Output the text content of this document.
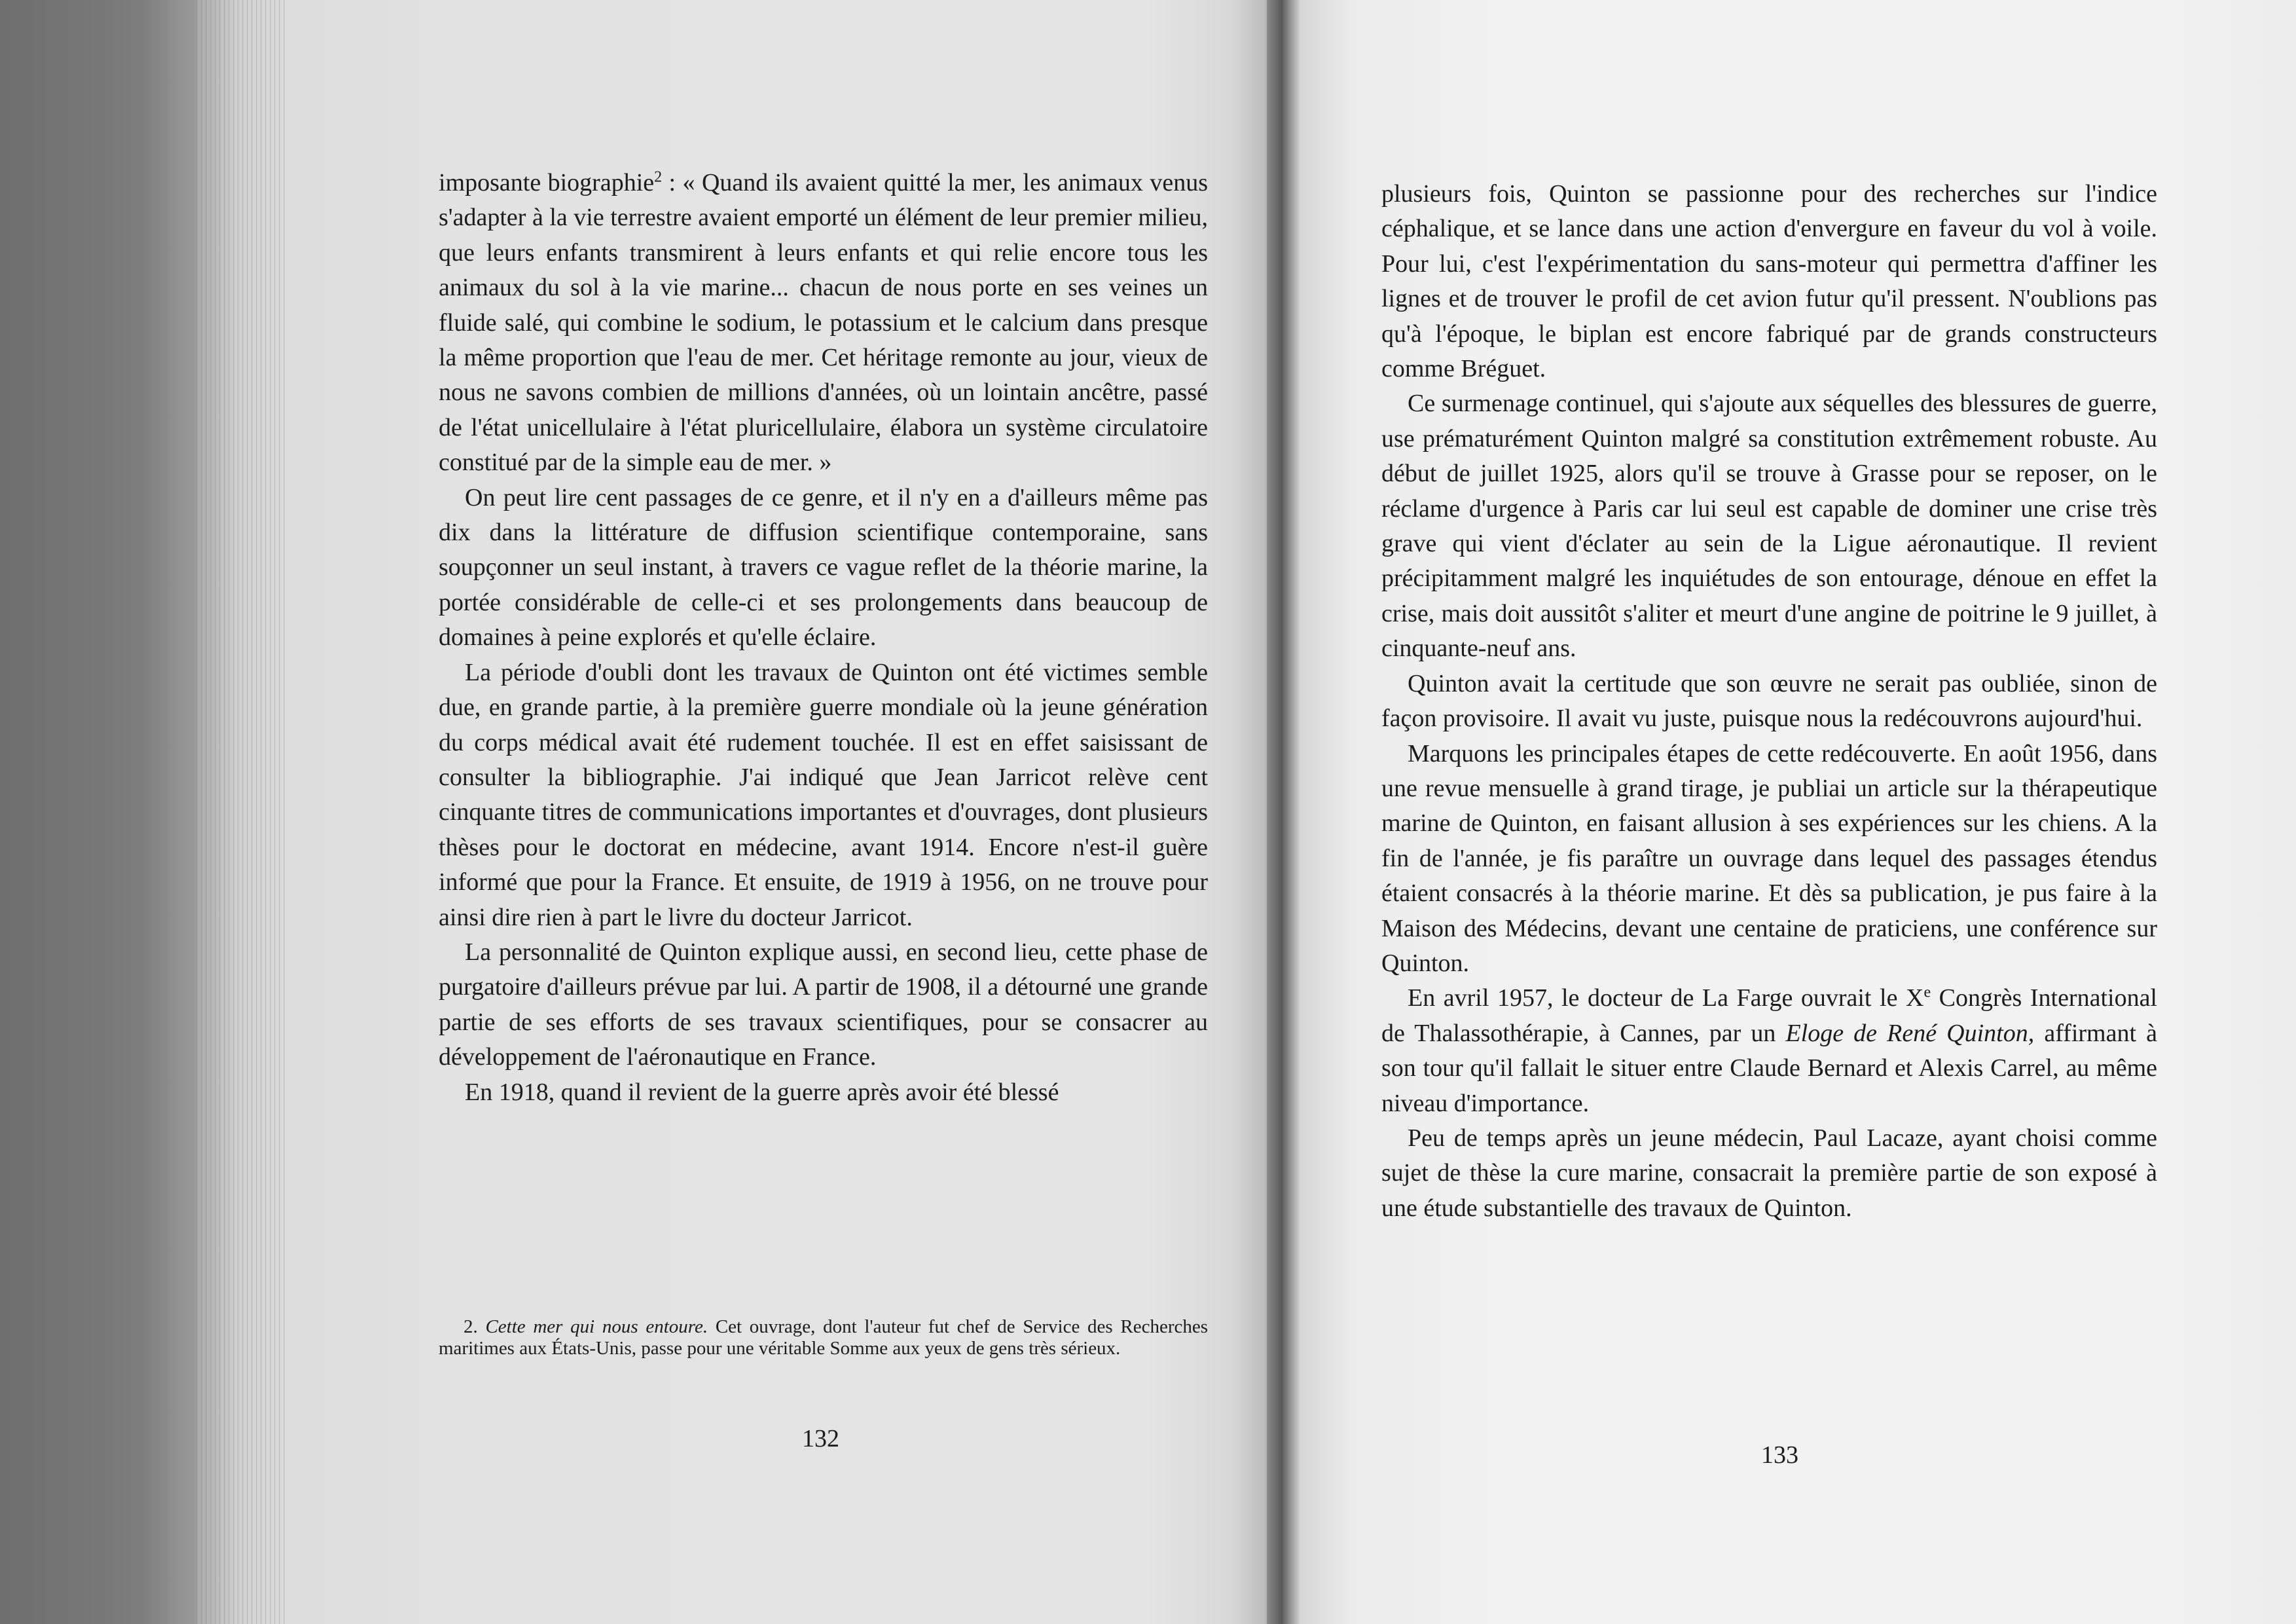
imposante biographie$^2$ : « Quand ils avaient quitté la mer, les animaux venus s'adapter à la vie terrestre avaient emporté un élément de leur premier milieu, que leurs enfants transmirent à leurs enfants et qui relie encore tous les animaux du sol à la vie marine... chacun de nous porte en ses veines un fluide salé, qui combine le sodium, le potassium et le calcium dans presque la même proportion que l'eau de mer. Cet héritage remonte au jour, vieux de nous ne savons combien de millions d'années, où un lointain ancêtre, passé de l'état unicellulaire à l'état pluricellulaire, élabora un système circulatoire constitué par de la simple eau de mer. »

On peut lire cent passages de ce genre, et il n'y en a d'ailleurs même pas dix dans la littérature de diffusion scientifique contemporaine, sans soupçonner un seul instant, à travers ce vague reflet de la théorie marine, la portée considérable de celle-ci et ses prolongements dans beaucoup de domaines à peine explorés et qu'elle éclaire.

La période d'oubli dont les travaux de Quinton ont été victimes semble due, en grande partie, à la première guerre mondiale où la jeune génération du corps médical avait été rudement touchée. Il est en effet saisissant de consulter la bibliographie. J'ai indiqué que Jean Jarricot relève cent cinquante titres de communications importantes et d'ouvrages, dont plusieurs thèses pour le doctorat en médecine, avant 1914. Encore n'est-il guère informé que pour la France. Et ensuite, de 1919 à 1956, on ne trouve pour ainsi dire rien à part le livre du docteur Jarricot.

La personnalité de Quinton explique aussi, en second lieu, cette phase de purgatoire d'ailleurs prévue par lui. A partir de 1908, il a détourné une grande partie de ses efforts de ses travaux scientifiques, pour se consacrer au développement de l'aéronautique en France.

En 1918, quand il revient de la guerre après avoir été blessé

2. Cette mer qui nous entoure. Cet ouvrage, dont l'auteur fut chef de Service des Recherches maritimes aux États-Unis, passe pour une véritable Somme aux yeux de gens très sérieux.

132

plusieurs fois, Quinton se passionne pour des recherches sur l'indice céphalique, et se lance dans une action d'envergure en faveur du vol à voile. Pour lui, c'est l'expérimentation du sans-moteur qui permettra d'affiner les lignes et de trouver le profil de cet avion futur qu'il pressent. N'oublions pas qu'à l'époque, le biplan est encore fabriqué par de grands constructeurs comme Bréguet.

Ce surmenage continuel, qui s'ajoute aux séquelles des blessures de guerre, use prématurément Quinton malgré sa constitution extrêmement robuste. Au début de juillet 1925, alors qu'il se trouve à Grasse pour se reposer, on le réclame d'urgence à Paris car lui seul est capable de dominer une crise très grave qui vient d'éclater au sein de la Ligue aéronautique. Il revient précipitamment malgré les inquiétudes de son entourage, dénoue en effet la crise, mais doit aussitôt s'aliter et meurt d'une angine de poitrine le 9 juillet, à cinquante-neuf ans.

Quinton avait la certitude que son œuvre ne serait pas oubliée, sinon de façon provisoire. Il avait vu juste, puisque nous la redécouvrons aujourd'hui.

Marquons les principales étapes de cette redécouverte. En août 1956, dans une revue mensuelle à grand tirage, je publiai un article sur la thérapeutique marine de Quinton, en faisant allusion à ses expériences sur les chiens. A la fin de l'année, je fis paraître un ouvrage dans lequel des passages étendus étaient consacrés à la théorie marine. Et dès sa publication, je pus faire à la Maison des Médecins, devant une centaine de praticiens, une conférence sur Quinton.

En avril 1957, le docteur de La Farge ouvrait le Xe Congrès International de Thalassothérapie, à Cannes, par un Eloge de René Quinton, affirmant à son tour qu'il fallait le situer entre Claude Bernard et Alexis Carrel, au même niveau d'importance.

Peu de temps après un jeune médecin, Paul Lacaze, ayant choisi comme sujet de thèse la cure marine, consacrait la première partie de son exposé à une étude substantielle des travaux de Quinton.

133
